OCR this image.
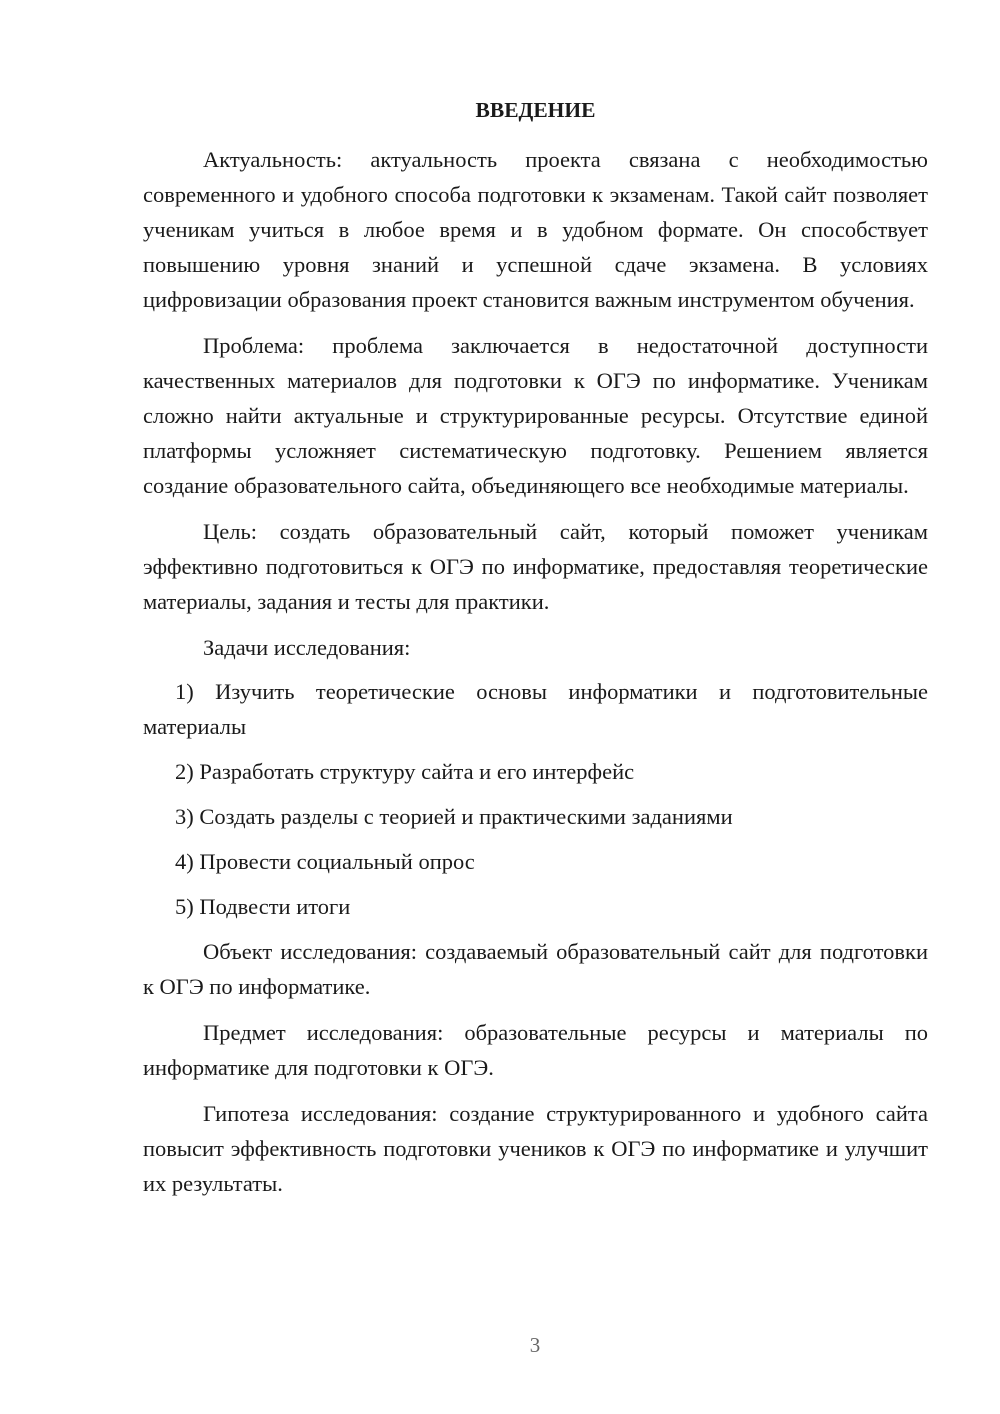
ВВЕДЕНИЕ

Актуальность: актуальность проекта связана с необходимостью современного и удобного способа подготовки к экзаменам. Такой сайт позволяет ученикам учиться в любое время и в удобном формате. Он способствует повышению уровня знаний и успешной сдаче экзамена. В условиях цифровизации образования проект становится важным инструментом обучения.

Проблема: проблема заключается в недостаточной доступности качественных материалов для подготовки к ОГЭ по информатике. Ученикам сложно найти актуальные и структурированные ресурсы. Отсутствие единой платформы усложняет систематическую подготовку. Решением является создание образовательного сайта, объединяющего все необходимые материалы.

Цель: создать образовательный сайт, который поможет ученикам эффективно подготовиться к ОГЭ по информатике, предоставляя теоретические материалы, задания и тесты для практики.

Задачи исследования:

1) Изучить теоретические основы информатики и подготовительные материалы

2) Разработать структуру сайта и его интерфейс

3) Создать разделы с теорией и практическими заданиями

4) Провести социальный опрос

5) Подвести итоги

Объект исследования: создаваемый образовательный сайт для подготовки к ОГЭ по информатике.

Предмет исследования: образовательные ресурсы и материалы по информатике для подготовки к ОГЭ.

Гипотеза исследования: создание структурированного и удобного сайта повысит эффективность подготовки учеников к ОГЭ по информатике и улучшит их результаты.

3
